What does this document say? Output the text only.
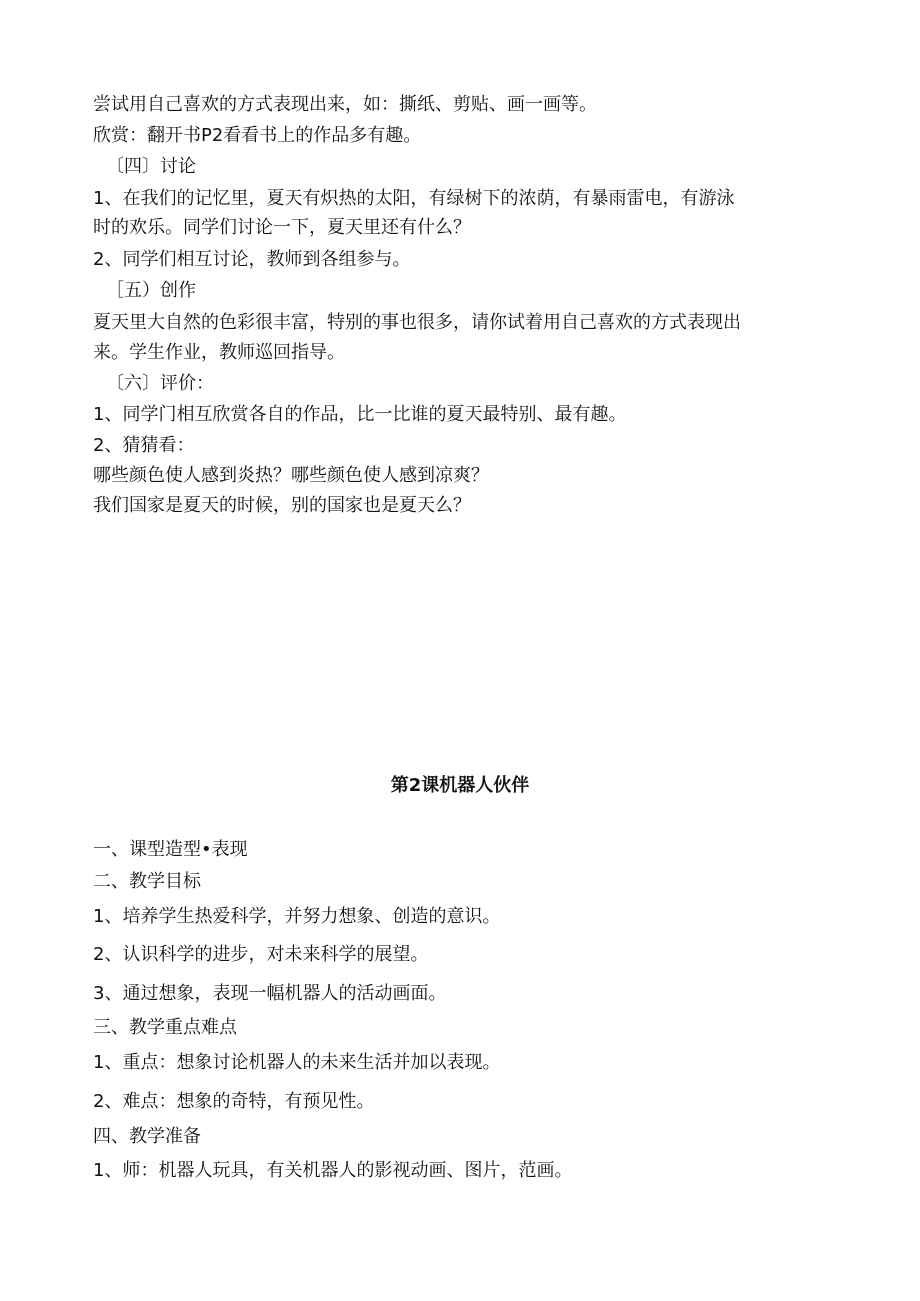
尝试用自己喜欢的方式表现出来，如：撕纸、剪贴、画一画等。
欣赏：翻开书P2看看书上的作品多有趣。
〔四〕讨论
1、在我们的记忆里，夏天有炽热的太阳，有绿树下的浓荫，有暴雨雷电，有游泳
时的欢乐。同学们讨论一下，夏天里还有什么？
2、同学们相互讨论，教师到各组参与。
［五）创作
夏天里大自然的色彩很丰富，特别的事也很多，请你试着用自己喜欢的方式表现出
来。学生作业，教师巡回指导。
〔六〕评价：
1、同学门相互欣赏各自的作品，比一比谁的夏天最特别、最有趣。
2、猜猜看：
哪些颜色使人感到炎热？哪些颜色使人感到凉爽？
我们国家是夏天的时候，别的国家也是夏天么？
第2课机器人伙伴
一、课型造型•表现
二、教学目标
1、培养学生热爱科学，并努力想象、创造的意识。
2、认识科学的进步，对未来科学的展望。
3、通过想象，表现一幅机器人的活动画面。
三、教学重点难点
1、重点：想象讨论机器人的未来生活并加以表现。
2、难点：想象的奇特，有预见性。
四、教学准备
1、师：机器人玩具，有关机器人的影视动画、图片，范画。
